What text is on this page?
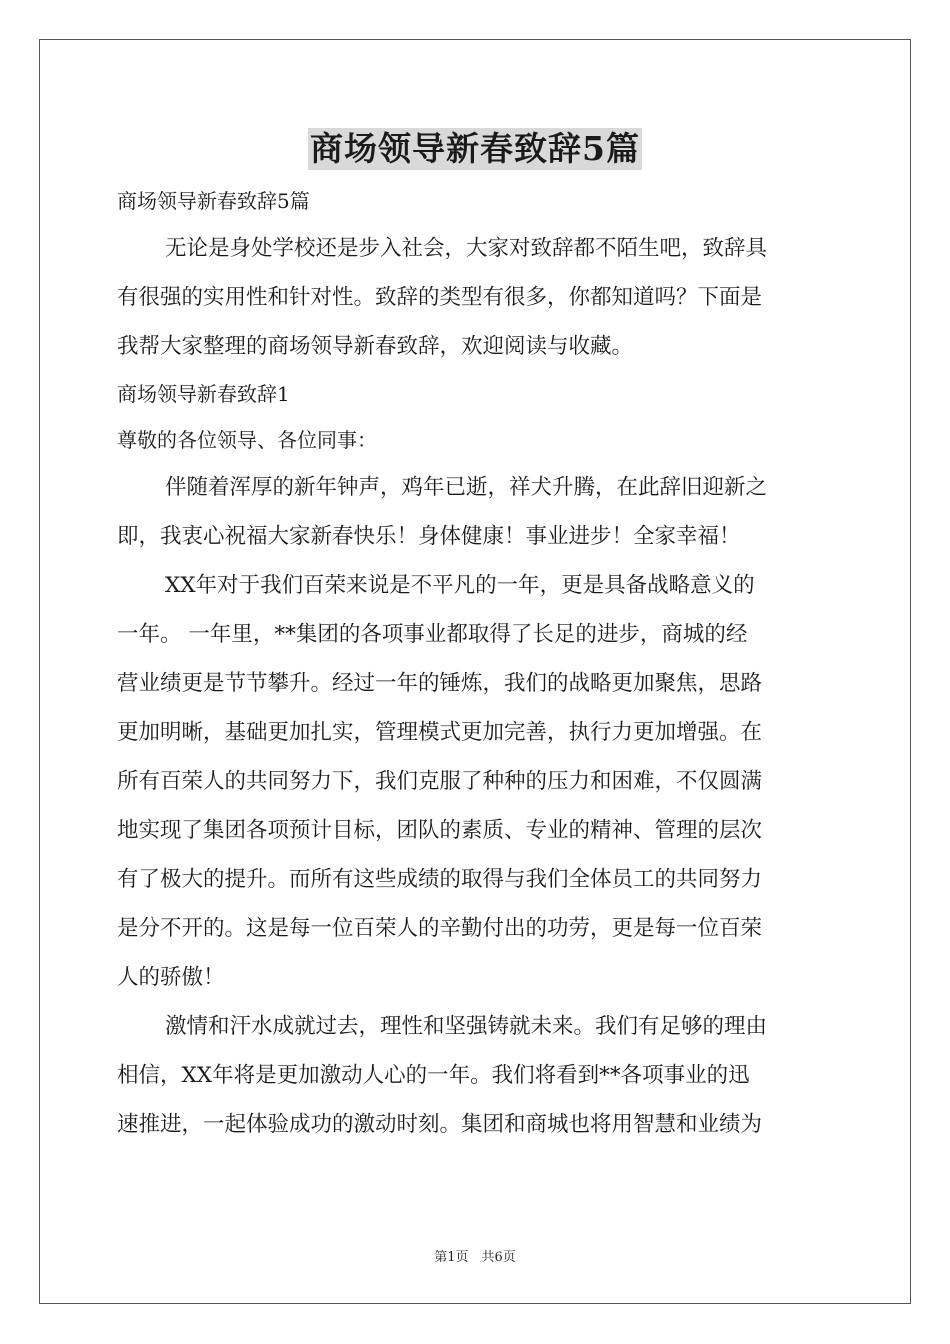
商场领导新春致辞5篇
商场领导新春致辞5篇
无论是身处学校还是步入社会，大家对致辞都不陌生吧，致辞具
有很强的实用性和针对性。致辞的类型有很多，你都知道吗？下面是
我帮大家整理的商场领导新春致辞，欢迎阅读与收藏。
商场领导新春致辞1
尊敬的各位领导、各位同事：
伴随着浑厚的新年钟声，鸡年已逝，祥犬升腾，在此辞旧迎新之
即，我衷心祝福大家新春快乐！身体健康！事业进步！全家幸福！
XX年对于我们百荣来说是不平凡的一年，更是具备战略意义的
一年。 一年里，**集团的各项事业都取得了长足的进步，商城的经
营业绩更是节节攀升。经过一年的锤炼，我们的战略更加聚焦，思路
更加明晰，基础更加扎实，管理模式更加完善，执行力更加增强。在
所有百荣人的共同努力下，我们克服了种种的压力和困难，不仅圆满
地实现了集团各项预计目标，团队的素质、专业的精神、管理的层次
有了极大的提升。而所有这些成绩的取得与我们全体员工的共同努力
是分不开的。这是每一位百荣人的辛勤付出的功劳，更是每一位百荣
人的骄傲！
激情和汗水成就过去，理性和坚强铸就未来。我们有足够的理由
相信，XX年将是更加激动人心的一年。我们将看到**各项事业的迅
速推进，一起体验成功的激动时刻。集团和商城也将用智慧和业绩为
第1页　共6页
